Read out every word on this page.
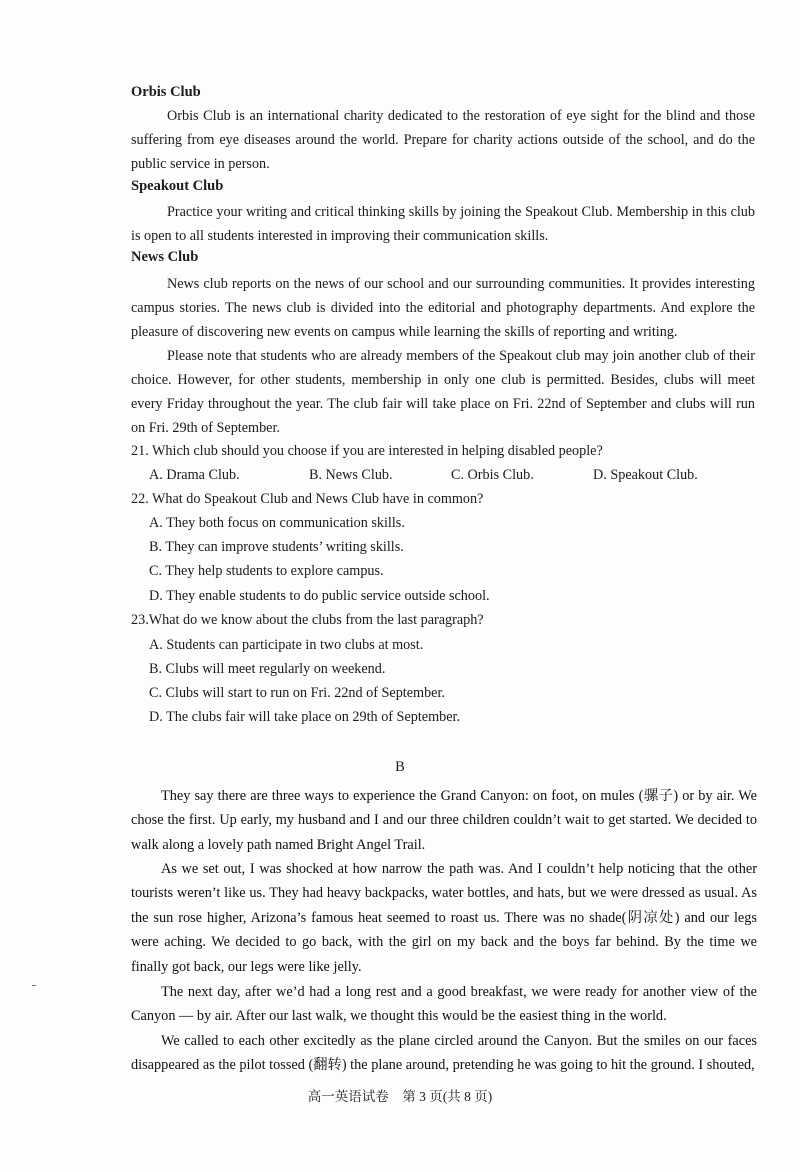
Orbis Club
Orbis Club is an international charity dedicated to the restoration of eye sight for the blind and those suffering from eye diseases around the world. Prepare for charity actions outside of the school, and do the public service in person.
Speakout Club
Practice your writing and critical thinking skills by joining the Speakout Club. Membership in this club is open to all students interested in improving their communication skills.
News Club
News club reports on the news of our school and our surrounding communities. It provides interesting campus stories. The news club is divided into the editorial and photography departments. And explore the pleasure of discovering new events on campus while learning the skills of reporting and writing.
Please note that students who are already members of the Speakout club may join another club of their choice. However, for other students, membership in only one club is permitted. Besides, clubs will meet every Friday throughout the year. The club fair will take place on Fri. 22nd of September and clubs will run on Fri. 29th of September.
21. Which club should you choose if you are interested in helping disabled people?
A. Drama Club.	B. News Club.	C. Orbis Club.	D. Speakout Club.
22. What do Speakout Club and News Club have in common?
A. They both focus on communication skills.
B. They can improve students’ writing skills.
C. They help students to explore campus.
D. They enable students to do public service outside school.
23.What do we know about the clubs from the last paragraph?
A. Students can participate in two clubs at most.
B. Clubs will meet regularly on weekend.
C. Clubs will start to run on Fri. 22nd of September.
D. The clubs fair will take place on 29th of September.
B
They say there are three ways to experience the Grand Canyon: on foot, on mules (骡子) or by air. We chose the first. Up early, my husband and I and our three children couldn’t wait to get started. We decided to walk along a lovely path named Bright Angel Trail.
As we set out, I was shocked at how narrow the path was. And I couldn’t help noticing that the other tourists weren’t like us. They had heavy backpacks, water bottles, and hats, but we were dressed as usual. As the sun rose higher, Arizona’s famous heat seemed to roast us. There was no shade(阴凉处) and our legs were aching. We decided to go back, with the girl on my back and the boys far behind. By the time we finally got back, our legs were like jelly.
The next day, after we’d had a long rest and a good breakfast, we were ready for another view of the Canyon — by air. After our last walk, we thought this would be the easiest thing in the world.
We called to each other excitedly as the plane circled around the Canyon. But the smiles on our faces disappeared as the pilot tossed (翻转) the plane around, pretending he was going to hit the ground. I shouted,
高一英语试卷　第 3 页(共 8 页)
